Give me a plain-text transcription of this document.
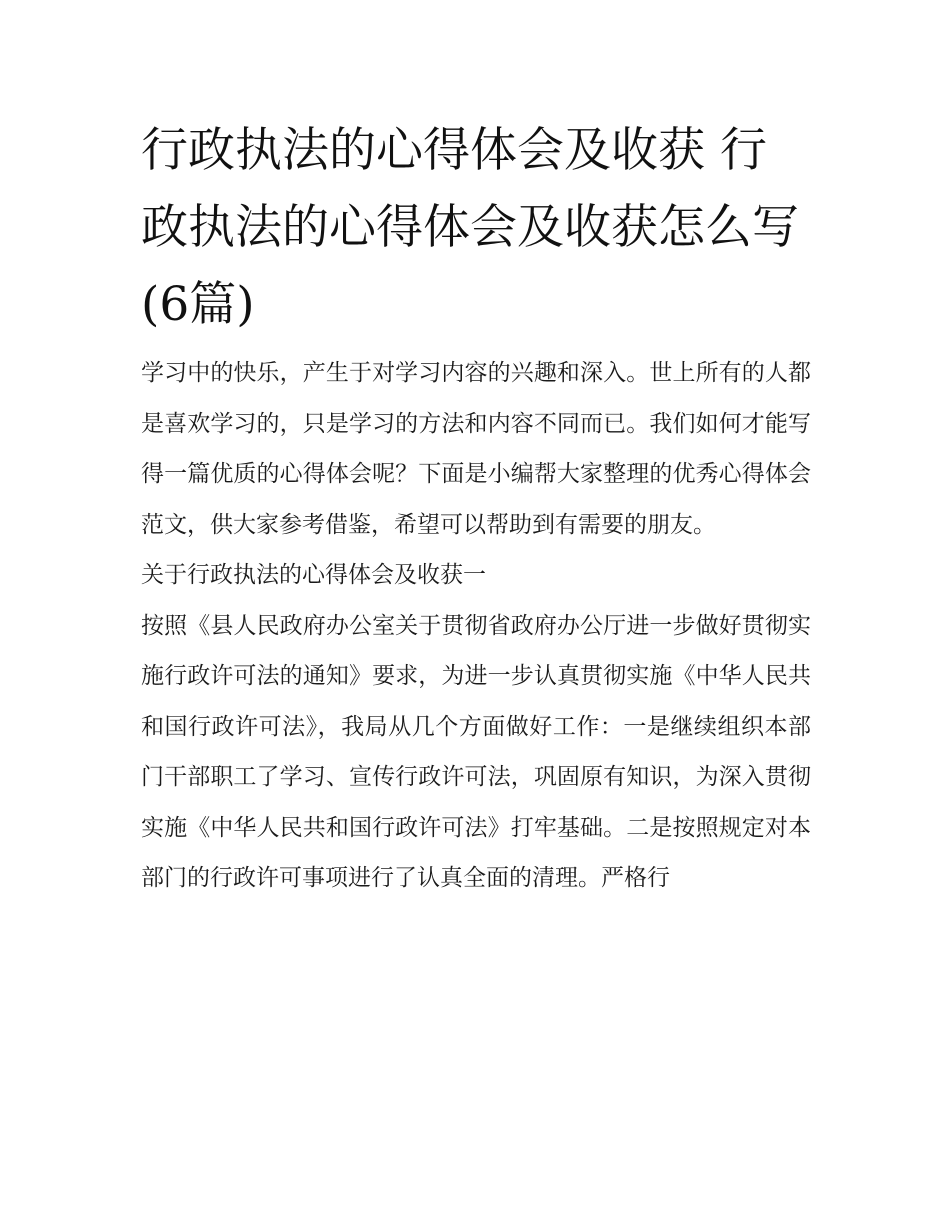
行政执法的心得体会及收获 行政执法的心得体会及收获怎么写(6篇)

学习中的快乐，产生于对学习内容的兴趣和深入。世上所有的人都是喜欢学习的，只是学习的方法和内容不同而已。我们如何才能写得一篇优质的心得体会呢？下面是小编帮大家整理的优秀心得体会范文，供大家参考借鉴，希望可以帮助到有需要的朋友。

关于行政执法的心得体会及收获一

按照《县人民政府办公室关于贯彻省政府办公厅进一步做好贯彻实施行政许可法的通知》要求，为进一步认真贯彻实施《中华人民共和国行政许可法》，我局从几个方面做好工作：一是继续组织本部门干部职工了学习、宣传行政许可法，巩固原有知识，为深入贯彻实施《中华人民共和国行政许可法》打牢基础。二是按照规定对本部门的行政许可事项进行了认真全面的清理。严格行
